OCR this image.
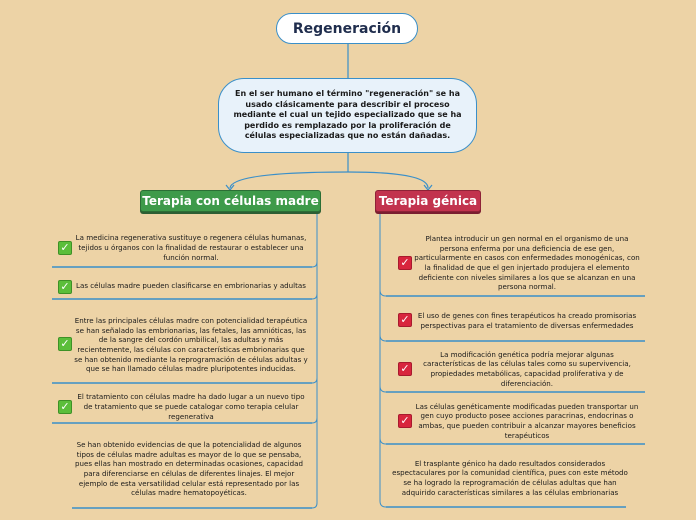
Regeneración
En el ser humano el término "regeneración" se ha usado clásicamente para describir el proceso mediante el cual un tejido especializado que se ha perdido es remplazado por la proliferación de células especializadas que no están dañadas.
Terapia con células madre	Terapia génica
✓
La medicina regenerativa sustituye o regenera células humanas, tejidos u órganos con la finalidad de restaurar o establecer una función normal.
✓ Las células madre pueden clasificarse en embrionarias y adultas
✓
Entre las principales células madre con potencialidad terapéutica se han señalado las embrionarias, las fetales, las amnióticas, las de la sangre del cordón umbilical, las adultas y más recientemente, las células con características embrionarias que se han obtenido mediante la reprogramación de células adultas y que se han llamado células madre pluripotentes inducidas.
✓
El tratamiento con células madre ha dado lugar a un nuevo tipo de tratamiento que se puede catalogar como terapia celular regenerativa
Se han obtenido evidencias de que la potencialidad de algunos tipos de células madre adultas es mayor de lo que se pensaba, pues ellas han mostrado en determinadas ocasiones, capacidad para diferenciarse en células de diferentes linajes. El mejor ejemplo de esta versatilidad celular está representado por las células madre hematopoyéticas.
✓
Plantea introducir un gen normal en el organismo de una persona enferma por una deficiencia de ese gen, particularmente en casos con enfermedades monogénicas, con la finalidad de que el gen injertado produjera el elemento deficiente con niveles similares a los que se alcanzan en una persona normal.
✓	El uso de genes con fines terapéuticos ha creado promisorias perspectivas para el tratamiento de diversas enfermedades
✓
La modificación genética podría mejorar algunas características de las células tales como su supervivencia, propiedades metabólicas, capacidad proliferativa y de diferenciación.
✓
Las células genéticamente modificadas pueden transportar un gen cuyo producto posee acciones paracrinas, endocrinas o ambas, que pueden contribuir a alcanzar mayores beneficios terapéuticos
El trasplante génico ha dado resultados considerados espectaculares por la comunidad científica, pues con este método se ha logrado la reprogramación de células adultas que han adquirido características similares a las células embrionarias
